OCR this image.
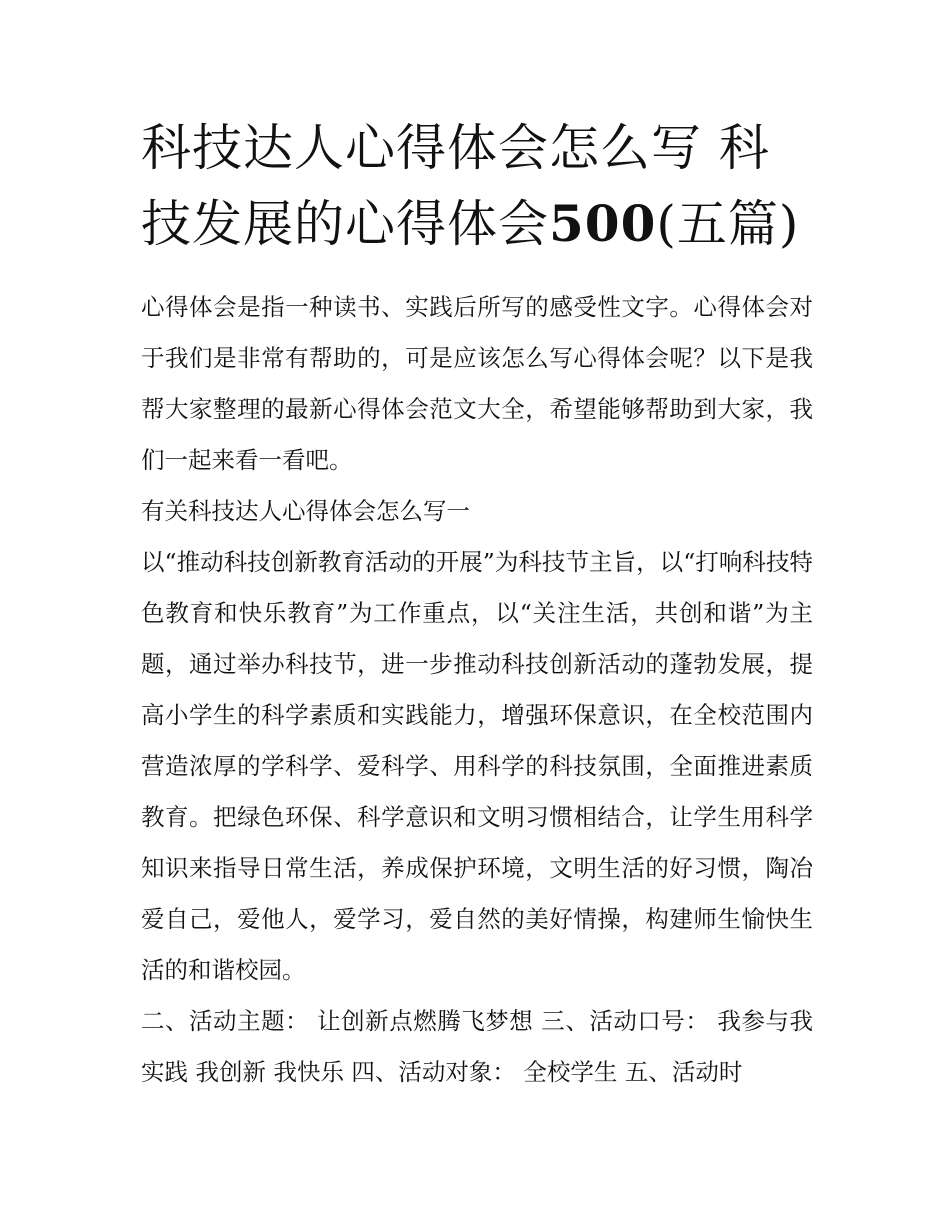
科技达人心得体会怎么写 科技发展的心得体会500(五篇)

心得体会是指一种读书、实践后所写的感受性文字。心得体会对于我们是非常有帮助的，可是应该怎么写心得体会呢？以下是我帮大家整理的最新心得体会范文大全，希望能够帮助到大家，我们一起来看一看吧。

有关科技达人心得体会怎么写一

以“推动科技创新教育活动的开展”为科技节主旨，以“打响科技特色教育和快乐教育”为工作重点，以“关注生活，共创和谐”为主题，通过举办科技节，进一步推动科技创新活动的蓬勃发展，提高小学生的科学素质和实践能力，增强环保意识，在全校范围内营造浓厚的学科学、爱科学、用科学的科技氛围，全面推进素质教育。把绿色环保、科学意识和文明习惯相结合，让学生用科学知识来指导日常生活，养成保护环境，文明生活的好习惯，陶冶爱自己，爱他人，爱学习，爱自然的美好情操，构建师生愉快生活的和谐校园。

二、活动主题： 让创新点燃腾飞梦想 三、活动口号： 我参与我实践 我创新 我快乐 四、活动对象： 全校学生 五、活动时
